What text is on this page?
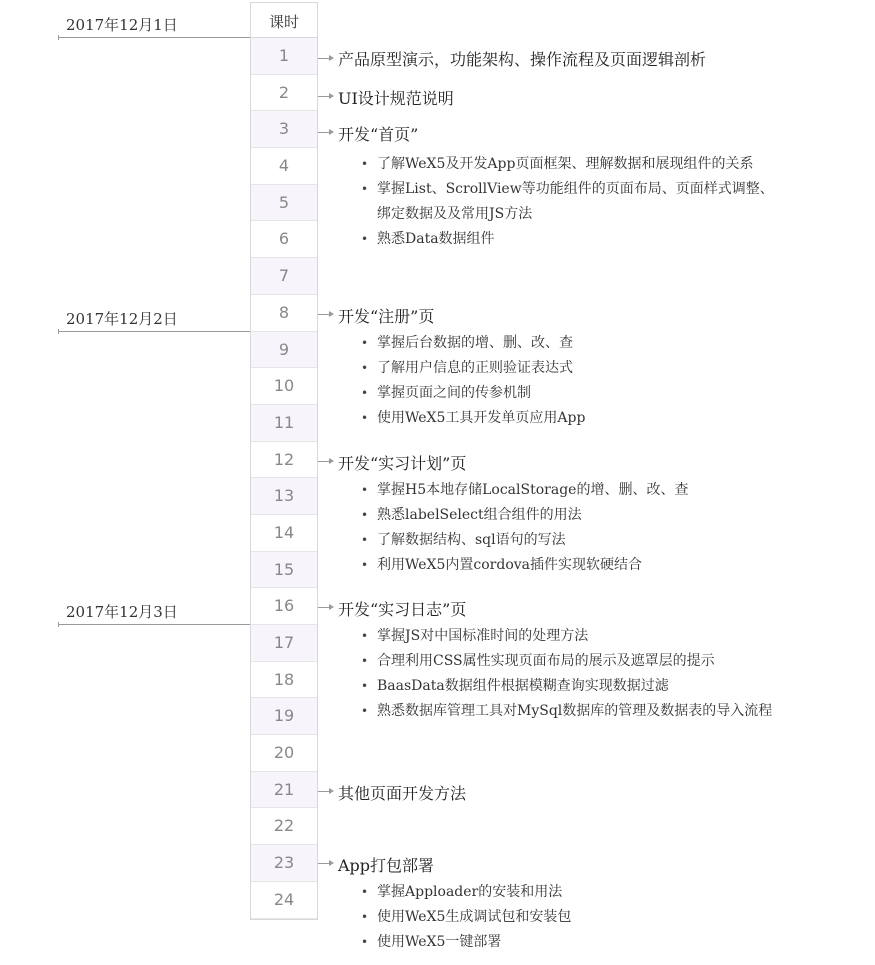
2017年12月1日
2017年12月2日
2017年12月3日
课时
1
2
3
4
5
6
7
8
9
10
11
12
13
14
15
16
17
18
19
20
21
22
23
24
产品原型演示，功能架构、操作流程及页面逻辑剖析
UI设计规范说明
开发“首页”
• 了解WeX5及开发App页面框架、理解数据和展现组件的关系
• 掌握List、ScrollView等功能组件的页面布局、页面样式调整、
绑定数据及及常用JS方法
• 熟悉Data数据组件
开发“注册”页
• 掌握后台数据的增、删、改、查
• 了解用户信息的正则验证表达式
• 掌握页面之间的传参机制
• 使用WeX5工具开发单页应用App
开发“实习计划”页
• 掌握H5本地存储LocalStorage的增、删、改、查
• 熟悉labelSelect组合组件的用法
• 了解数据结构、sql语句的写法
• 利用WeX5内置cordova插件实现软硬结合
开发“实习日志”页
• 掌握JS对中国标准时间的处理方法
• 合理利用CSS属性实现页面布局的展示及遮罩层的提示
• BaasData数据组件根据模糊查询实现数据过滤
• 熟悉数据库管理工具对MySql数据库的管理及数据表的导入流程
其他页面开发方法
App打包部署
• 掌握Apploader的安装和用法
• 使用WeX5生成调试包和安装包
• 使用WeX5一键部署
